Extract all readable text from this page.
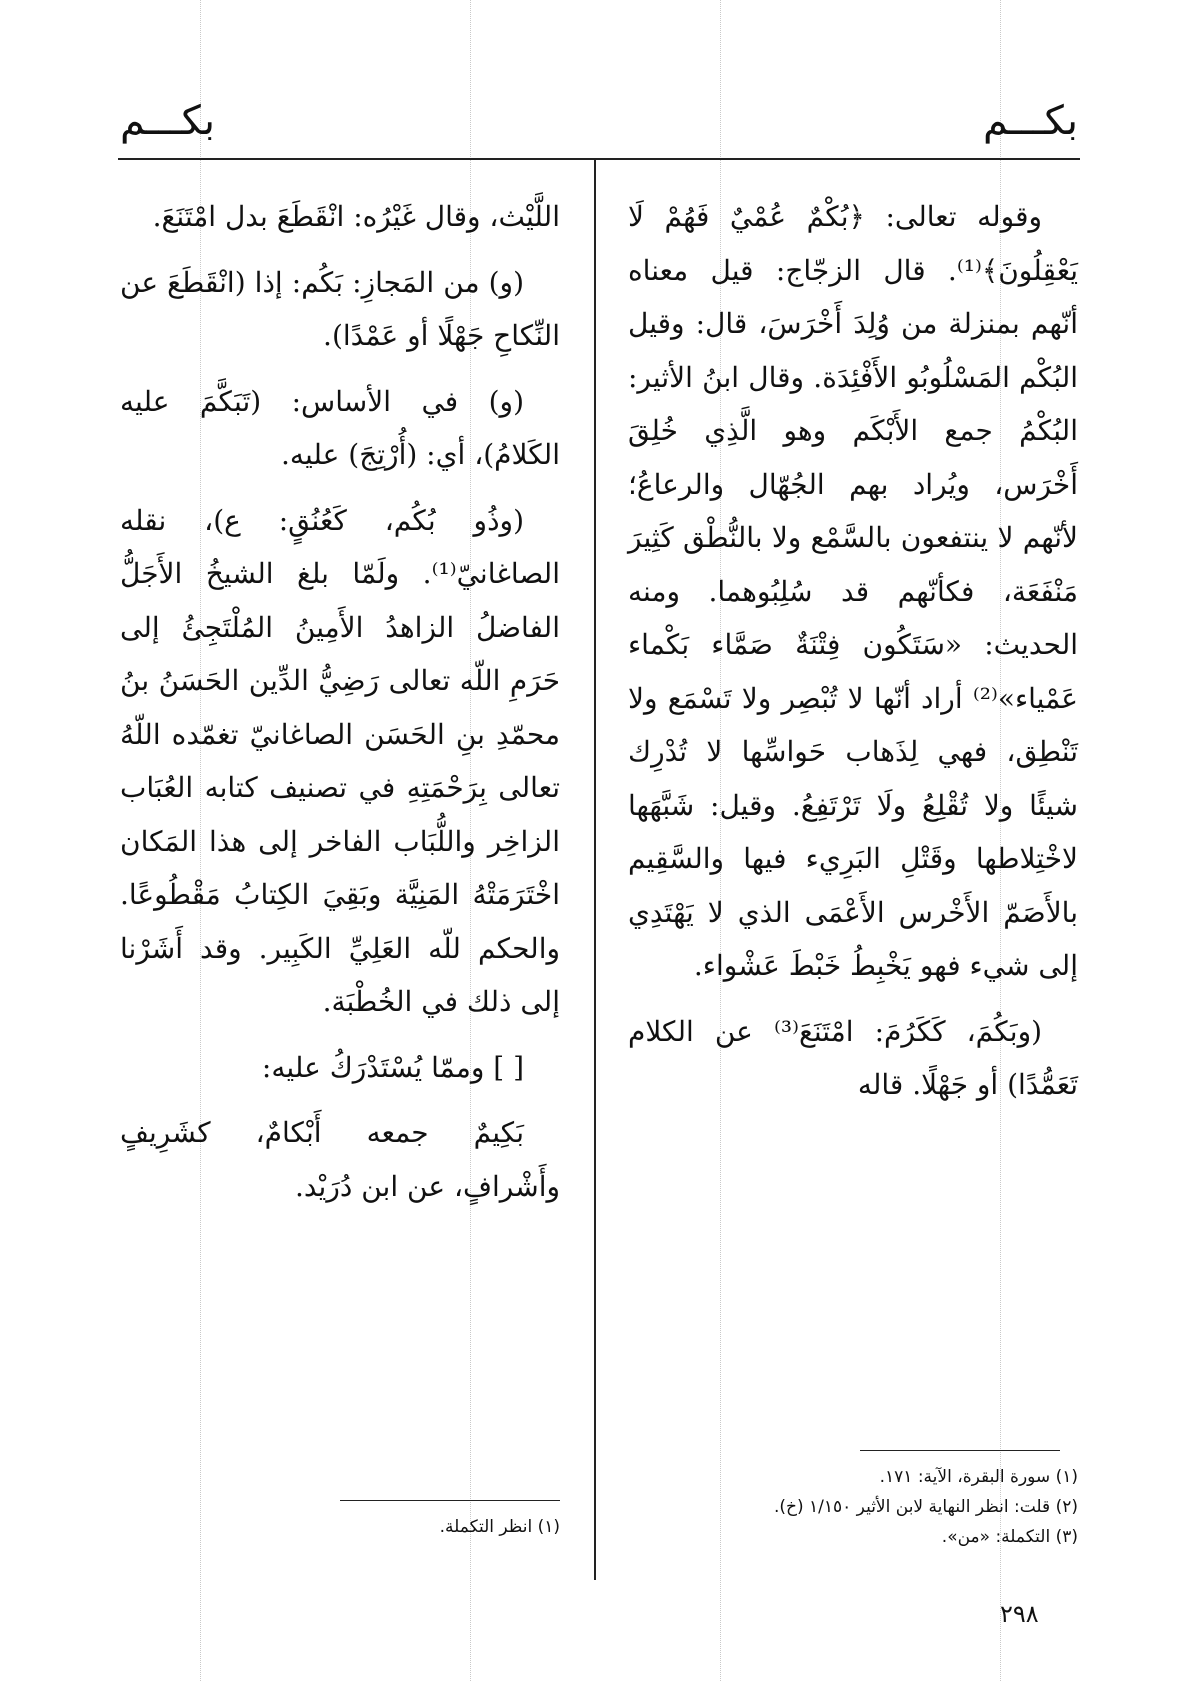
بكـــم
بكـــم

وقوله تعالى: ﴿بُكْمٌ عُمْيٌ فَهُمْ لَا يَعْقِلُونَ﴾⁽¹⁾. قال الزجّاج: قيل معناه أنّهم بمنزلة من وُلِدَ أَخْرَسَ، قال: وقيل البُكْم المَسْلُوبُو الأَفْئِدَة. وقال ابنُ الأثير: البُكْمُ جمع الأَبْكَم وهو الَّذِي خُلِقَ أَخْرَس، ويُراد بهم الجُهّال والرعاعُ؛ لأنّهم لا ينتفعون بالسَّمْع ولا بالنُّطْق كَثِيرَ مَنْفَعَة، فكأنّهم قد سُلِبُوهما. ومنه الحديث: «سَتَكُون فِتْنَةٌ صَمَّاء بَكْماء عَمْياء»⁽²⁾ أراد أنّها لا تُبْصِر ولا تَسْمَع ولا تَنْطِق، فهي لِذَهاب حَواسِّها لا تُدْرِك شيئًا ولا تُقْلِعُ ولَا تَرْتَفِعُ. وقيل: شَبَّهَها لاخْتِلاطها وقَتْلِ البَرِيء فيها والسَّقِيم بالأَصَمّ الأَخْرس الأَعْمَى الذي لا يَهْتَدِي إلى شيء فهو يَخْبِطُ خَبْطَ عَشْواء.

(وبَكُمَ، كَكَرُمَ: امْتَنَعَ⁽³⁾ عن الكلام تَعَمُّدًا) أو جَهْلًا. قاله

اللَّيْث، وقال غَيْرُه: انْقَطَعَ بدل امْتَنَعَ.

(و) من المَجازِ: بَكُم: إذا (انْقَطَعَ عن النِّكاحِ جَهْلًا أو عَمْدًا).

(و) في الأساس: (تَبَكَّمَ عليه الكَلامُ)، أي: (أُرْتِجَ) عليه.

(وذُو بُكُم، كَعُنُقٍ: ع)، نقله الصاغانيّ⁽¹⁾. ولَمّا بلغ الشيخُ الأَجَلُّ الفاضلُ الزاهدُ الأَمِينُ المُلْتَجِئُ إلى حَرَمِ اللّه تعالى رَضِيُّ الدِّين الحَسَنُ بنُ محمّدِ بنِ الحَسَن الصاغانيّ تغمّده اللّهُ تعالى بِرَحْمَتِهِ في تصنيف كتابه العُبَاب الزاخِر واللُّبَاب الفاخر إلى هذا المَكان اخْتَرَمَتْهُ المَنِيَّة وبَقِيَ الكِتابُ مَقْطُوعًا. والحكم للّه العَلِيِّ الكَبِير. وقد أَشَرْنا إلى ذلك في الخُطْبَة.

[ ] وممّا يُسْتَدْرَكُ عليه:

بَكِيمٌ جمعه أَبْكامٌ، كشَرِيفٍ وأَشْرافٍ، عن ابن دُرَيْد.

(١) سورة البقرة، الآية: ١٧١.
(٢) قلت: انظر النهاية لابن الأثير ١/١٥٠ (خ).
(٣) التكملة: «من».
(١) انظر التكملة.
٢٩٨
